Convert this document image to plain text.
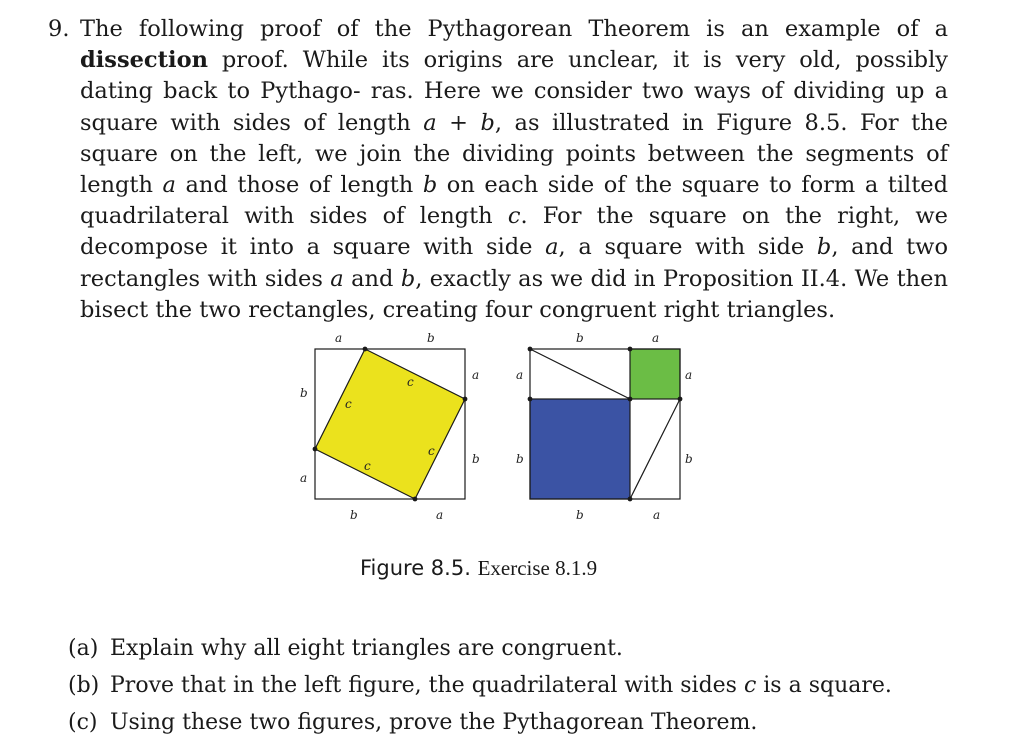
9. The following proof of the Pythagorean Theorem is an example of a dissection proof. While its origins are unclear, it is very old, possibly dating back to Pythago- ras. Here we consider two ways of dividing up a square with sides of length a + b, as illustrated in Figure 8.5. For the square on the left, we join the dividing points between the segments of length a and those of length b on each side of the square to form a tilted quadrilateral with sides of length c. For the square on the right, we decompose it into a square with side a, a square with side b, and two rectangles with sides a and b, exactly as we did in Proposition II.4. We then bisect the two rectangles, creating four congruent right triangles.
a	b
a
b
b	a
b
a
c
c
c
c
b	a
a
b
a
b
b	a
Figure 8.5. Exercise 8.1.9
(a) Explain why all eight triangles are congruent.
(b) Prove that in the left figure, the quadrilateral with sides c is a square.
(c) Using these two figures, prove the Pythagorean Theorem.
